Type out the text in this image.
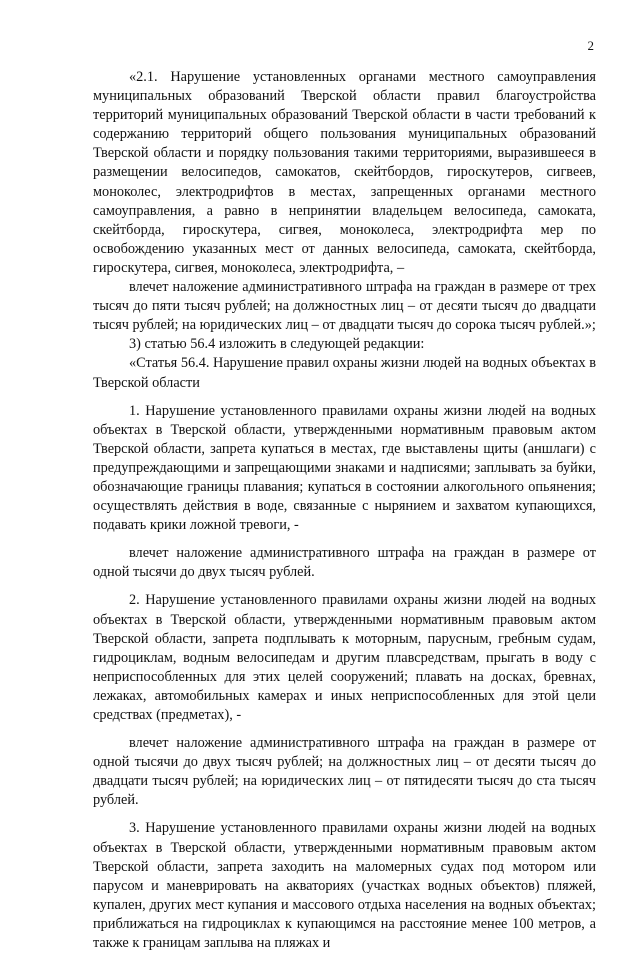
2

«2.1. Нарушение установленных органами местного самоуправления муниципальных образований Тверской области правил благоустройства территорий муниципальных образований Тверской области в части требований к содержанию территорий общего пользования муниципальных образований Тверской области и порядку пользования такими территориями, выразившееся в размещении велосипедов, самокатов, скейтбордов, гироскутеров, сигвеев, моноколес, электродрифтов в местах, запрещенных органами местного самоуправления, а равно в непринятии владельцем велосипеда, самоката, скейтборда, гироскутера, сигвея, моноколеса, электродрифта мер по освобождению указанных мест от данных велосипеда, самоката, скейтборда, гироскутера, сигвея, моноколеса, электродрифта, –

влечет наложение административного штрафа на граждан в размере от трех тысяч до пяти тысяч рублей; на должностных лиц – от десяти тысяч до двадцати тысяч рублей; на юридических лиц – от двадцати тысяч до сорока тысяч рублей.»;

3) статью 56.4 изложить в следующей редакции:

«Статья 56.4. Нарушение правил охраны жизни людей на водных объектах в Тверской области

1. Нарушение установленного правилами охраны жизни людей на водных объектах в Тверской области, утвержденными нормативным правовым актом Тверской области, запрета купаться в местах, где выставлены щиты (аншлаги) с предупреждающими и запрещающими знаками и надписями; заплывать за буйки, обозначающие границы плавания; купаться в состоянии алкогольного опьянения; осуществлять действия в воде, связанные с нырянием и захватом купающихся, подавать крики ложной тревоги, -

влечет наложение административного штрафа на граждан в размере от одной тысячи до двух тысяч рублей.

2. Нарушение установленного правилами охраны жизни людей на водных объектах в Тверской области, утвержденными нормативным правовым актом Тверской области, запрета подплывать к моторным, парусным, гребным судам, гидроциклам, водным велосипедам и другим плавсредствам, прыгать в воду с неприспособленных для этих целей сооружений; плавать на досках, бревнах, лежаках, автомобильных камерах и иных неприспособленных для этой цели средствах (предметах), -

влечет наложение административного штрафа на граждан в размере от одной тысячи до двух тысяч рублей; на должностных лиц – от десяти тысяч до двадцати тысяч рублей; на юридических лиц – от пятидесяти тысяч до ста тысяч рублей.

3. Нарушение установленного правилами охраны жизни людей на водных объектах в Тверской области, утвержденными нормативным правовым актом Тверской области, запрета заходить на маломерных судах под мотором или парусом и маневрировать на акваториях (участках водных объектов) пляжей, купален, других мест купания и массового отдыха населения на водных объектах; приближаться на гидроциклах к купающимся на расстояние менее 100 метров, а также к границам заплыва на пляжах и
